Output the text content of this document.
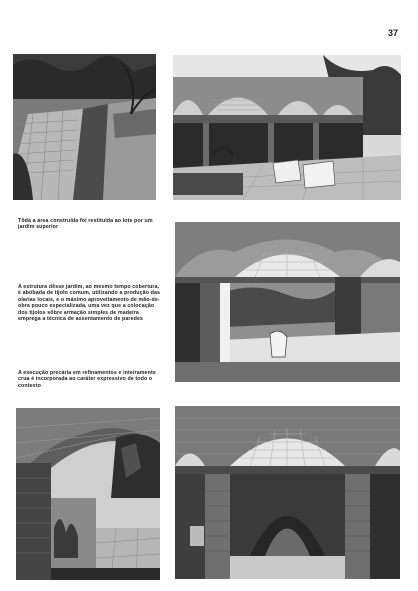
37
Tôda a área construída foi restituída ao lote por um jardim superior
A estrutura dêsse jardim, ao mesmo tempo cobertura, é abóbada de tijolo comum, utilizando a produção das olarias locais, e o máximo aproveitamento de mão-de-obra pouco especializada, uma vez que a colocação dos tijolos sôbre armação simples de madeira emprega a técnica de assentamento de paredes
A execução precária em refinamentos e inteiramente crua é incorporada ao caráter expressivo de todo o contexto
